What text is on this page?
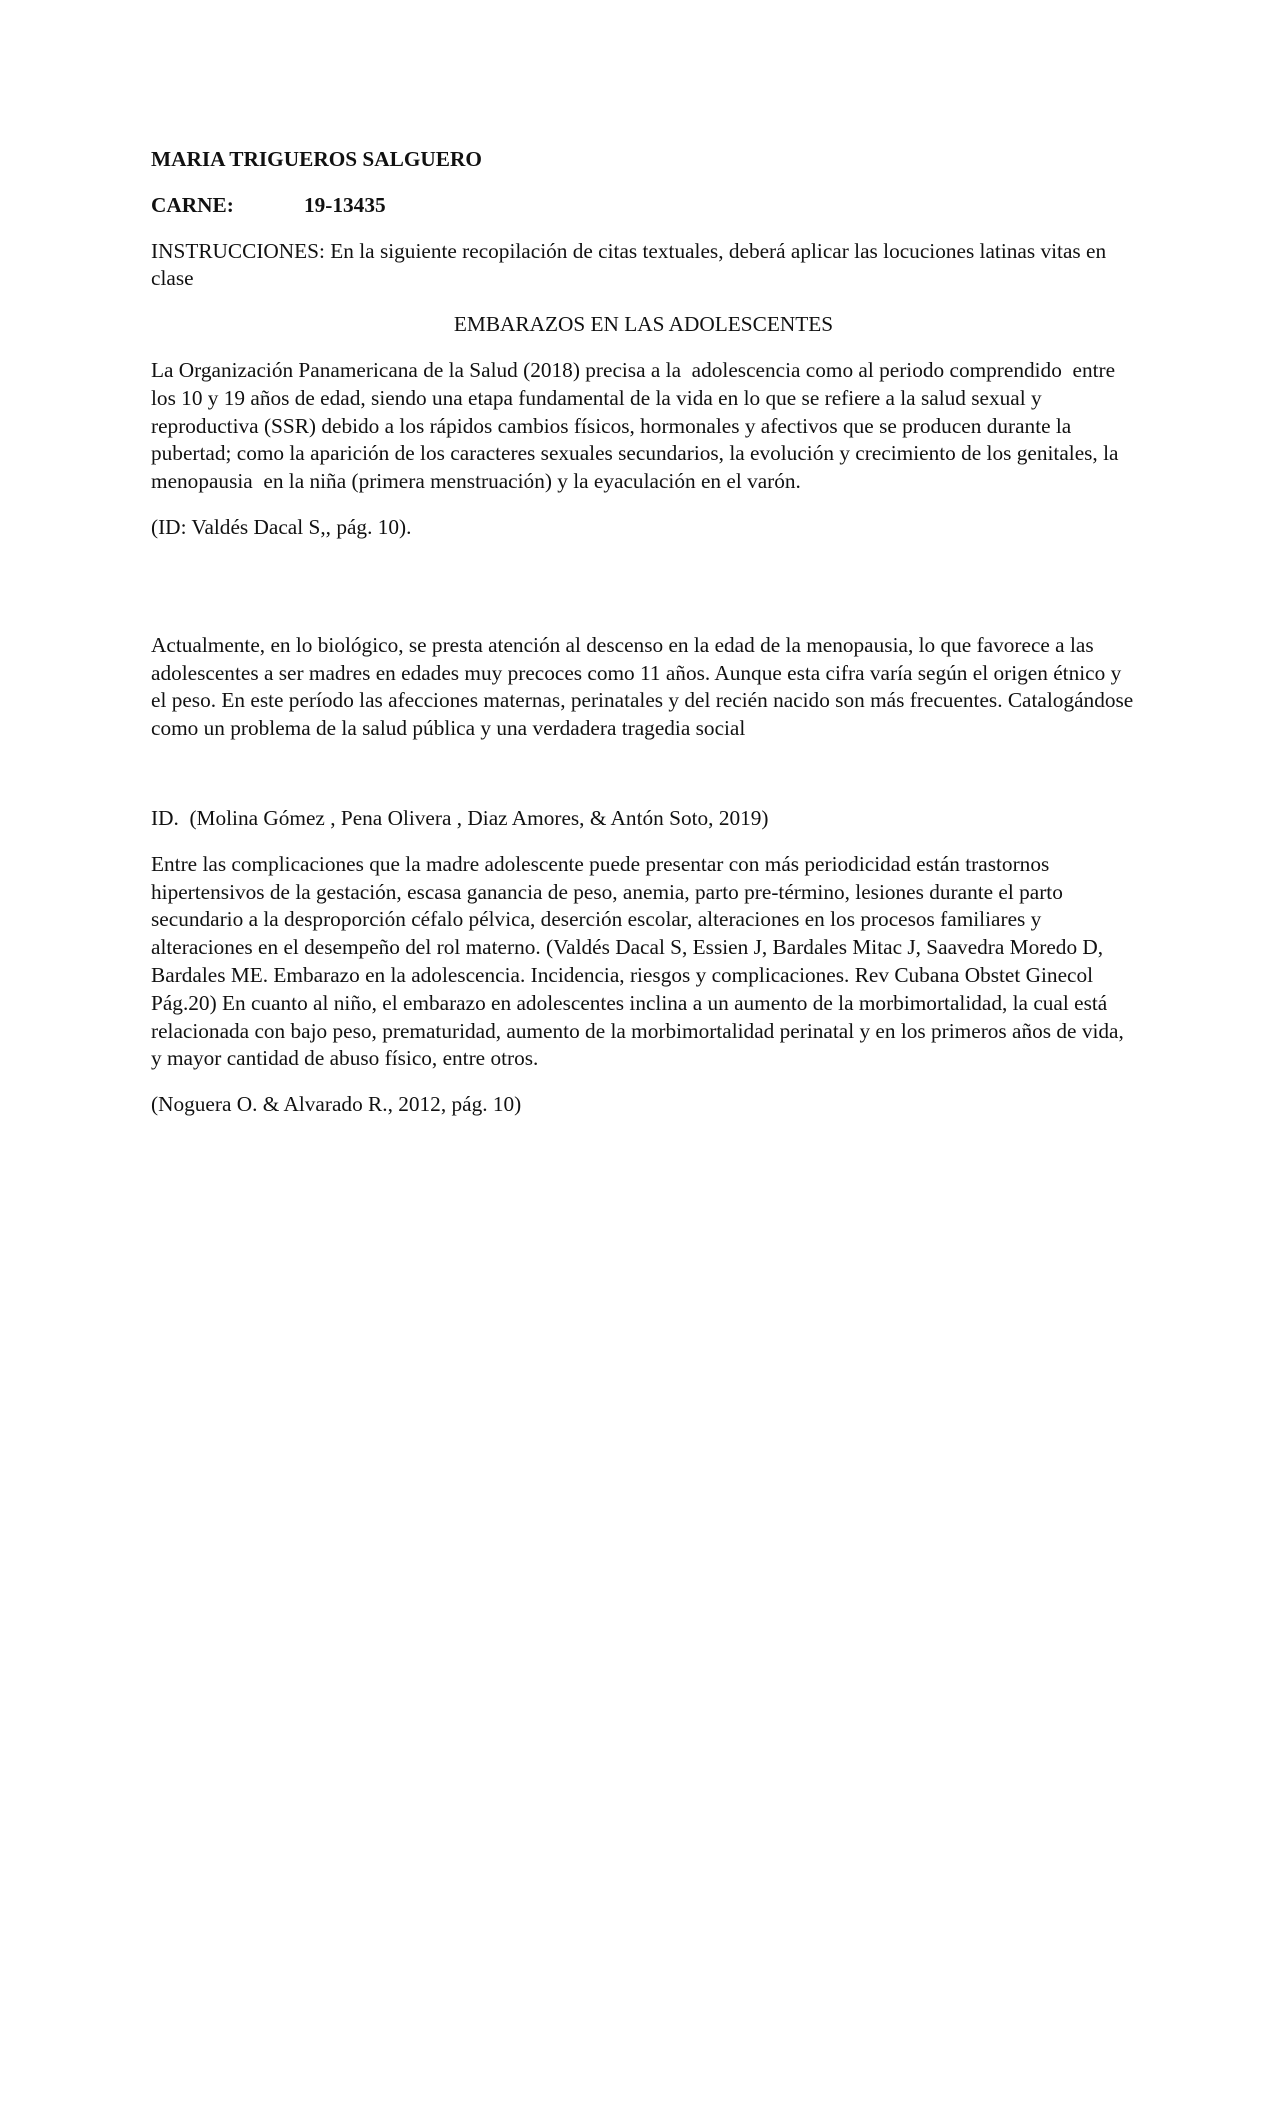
MARIA TRIGUEROS SALGUERO

CARNE:	19-13435

INSTRUCCIONES: En la siguiente recopilación de citas textuales, deberá aplicar las locuciones latinas vitas en clase

EMBARAZOS EN LAS ADOLESCENTES

La Organización Panamericana de la Salud (2018) precisa a la  adolescencia como al periodo comprendido  entre los 10 y 19 años de edad, siendo una etapa fundamental de la vida en lo que se refiere a la salud sexual y reproductiva (SSR) debido a los rápidos cambios físicos, hormonales y afectivos que se producen durante la pubertad; como la aparición de los caracteres sexuales secundarios, la evolución y crecimiento de los genitales, la menopausia  en la niña (primera menstruación) y la eyaculación en el varón.

(ID: Valdés Dacal S,, pág. 10).

Actualmente, en lo biológico, se presta atención al descenso en la edad de la menopausia, lo que favorece a las adolescentes a ser madres en edades muy precoces como 11 años. Aunque esta cifra varía según el origen étnico y el peso. En este período las afecciones maternas, perinatales y del recién nacido son más frecuentes. Catalogándose como un problema de la salud pública y una verdadera tragedia social

ID.  (Molina Gómez , Pena Olivera , Diaz Amores, & Antón Soto, 2019)

Entre las complicaciones que la madre adolescente puede presentar con más periodicidad están trastornos hipertensivos de la gestación, escasa ganancia de peso, anemia, parto pre-término, lesiones durante el parto secundario a la desproporción céfalo pélvica, deserción escolar, alteraciones en los procesos familiares y alteraciones en el desempeño del rol materno. (Valdés Dacal S, Essien J, Bardales Mitac J, Saavedra Moredo D, Bardales ME. Embarazo en la adolescencia. Incidencia, riesgos y complicaciones. Rev Cubana Obstet Ginecol Pág.20) En cuanto al niño, el embarazo en adolescentes inclina a un aumento de la morbimortalidad, la cual está relacionada con bajo peso, prematuridad, aumento de la morbimortalidad perinatal y en los primeros años de vida, y mayor cantidad de abuso físico, entre otros.

(Noguera O. & Alvarado R., 2012, pág. 10)
